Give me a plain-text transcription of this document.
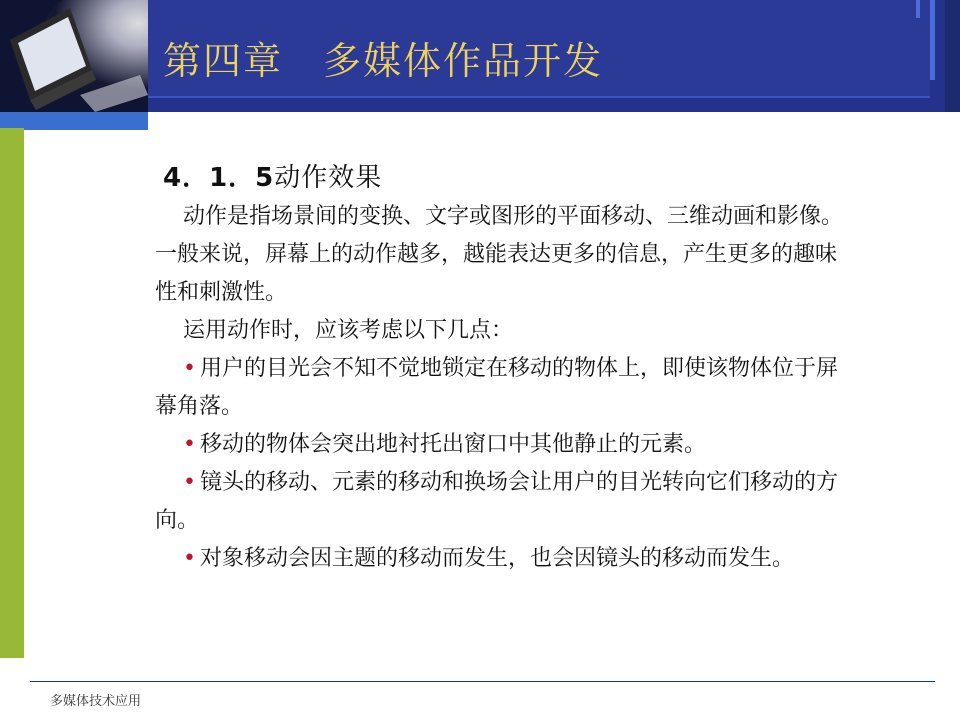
第四章　多媒体作品开发
4．1．5动作效果

动作是指场景间的变换、文字或图形的平面移动、三维动画和影像。一般来说，屏幕上的动作越多，越能表达更多的信息，产生更多的趣味性和刺激性。

运用动作时，应该考虑以下几点：

• 用户的目光会不知不觉地锁定在移动的物体上，即使该物体位于屏幕角落。
• 移动的物体会突出地衬托出窗口中其他静止的元素。
• 镜头的移动、元素的移动和换场会让用户的目光转向它们移动的方向。
• 对象移动会因主题的移动而发生，也会因镜头的移动而发生。
多媒体技术应用
